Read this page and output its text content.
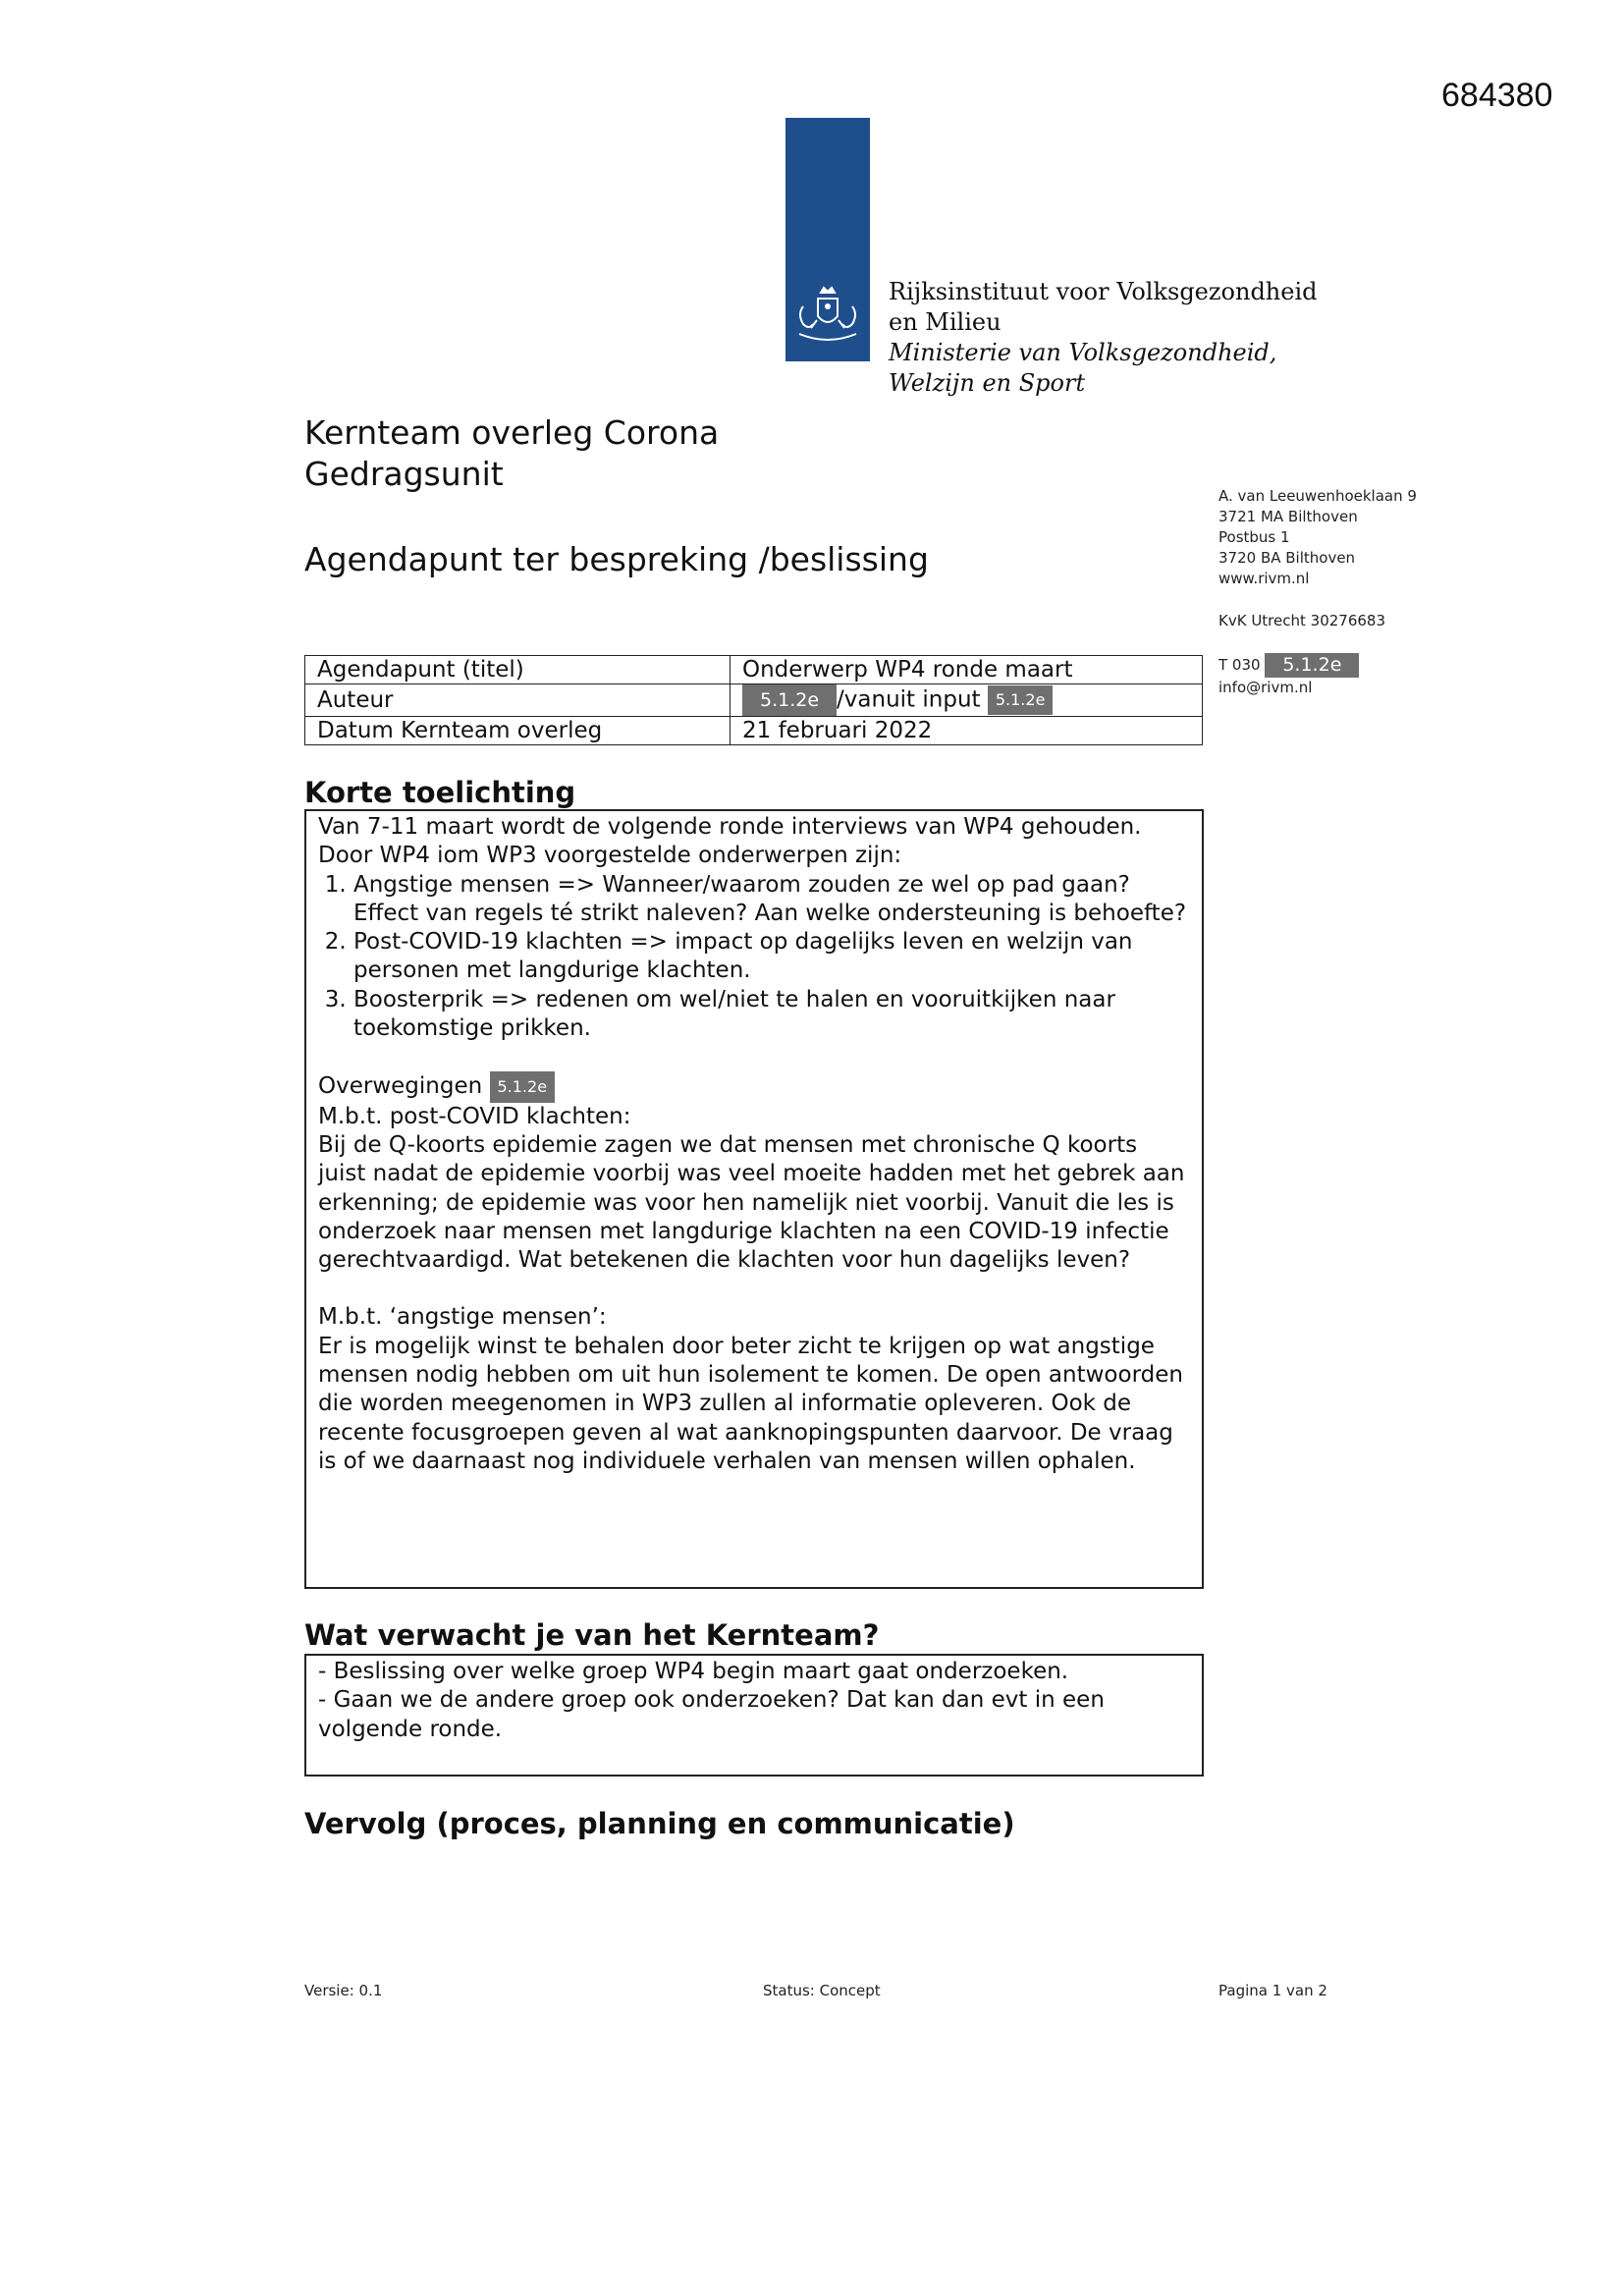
684380
Rijksinstituut voor Volksgezondheid
en Milieu
Ministerie van Volksgezondheid,
Welzijn en Sport
Kernteam overleg Corona
Gedragsunit
Agendapunt ter bespreking /beslissing
A. van Leeuwenhoeklaan 9
3721 MA Bilthoven
Postbus 1
3720 BA Bilthoven
www.rivm.nl
KvK Utrecht 30276683
T 030 5.1.2e
info@rivm.nl
Agendapunt (titel)	Onderwerp WP4 ronde maart
Auteur	5.1.2e /vanuit input 5.1.2e
Datum Kernteam overleg	21 februari 2022
Korte toelichting

Van 7-11 maart wordt de volgende ronde interviews van WP4 gehouden.

Door WP4 iom WP3 voorgestelde onderwerpen zijn:

1. Angstige mensen => Wanneer/waarom zouden ze wel op pad gaan? Effect van regels té strikt naleven? Aan welke ondersteuning is behoefte?
2. Post-COVID-19 klachten => impact op dagelijks leven en welzijn van personen met langdurige klachten.
3. Boosterprik => redenen om wel/niet te halen en vooruitkijken naar toekomstige prikken.

Overwegingen 5.1.2e

M.b.t. post-COVID klachten:

Bij de Q-koorts epidemie zagen we dat mensen met chronische Q koorts juist nadat de epidemie voorbij was veel moeite hadden met het gebrek aan erkenning; de epidemie was voor hen namelijk niet voorbij. Vanuit die les is onderzoek naar mensen met langdurige klachten na een COVID-19 infectie gerechtvaardigd. Wat betekenen die klachten voor hun dagelijks leven?

M.b.t. ‘angstige mensen’:

Er is mogelijk winst te behalen door beter zicht te krijgen op wat angstige mensen nodig hebben om uit hun isolement te komen. De open antwoorden die worden meegenomen in WP3 zullen al informatie opleveren. Ook de recente focusgroepen geven al wat aanknopingspunten daarvoor. De vraag is of we daarnaast nog individuele verhalen van mensen willen ophalen.

Wat verwacht je van het Kernteam?

- Beslissing over welke groep WP4 begin maart gaat onderzoeken.

- Gaan we de andere groep ook onderzoeken? Dat kan dan evt in een volgende ronde.

Vervolg (proces, planning en communicatie)
Versie: 0.1	Status: Concept	Pagina 1 van 2
